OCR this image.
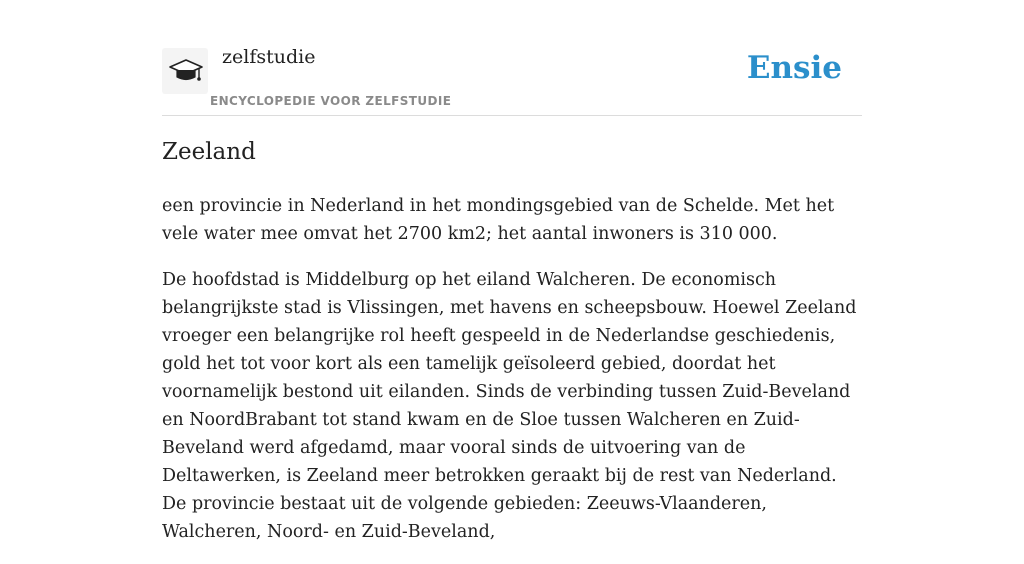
zelfstudie
ENCYCLOPEDIE VOOR ZELFSTUDIE
Ensie
Zeeland

een provincie in Nederland in het mondingsgebied van de Schelde. Met het vele water mee omvat het 2700 km2; het aantal inwoners is 310 000.

De hoofdstad is Middelburg op het eiland Walcheren. De economisch belangrijkste stad is Vlissingen, met havens en scheepsbouw. Hoewel Zeeland vroeger een belangrijke rol heeft gespeeld in de Nederlandse geschiedenis, gold het tot voor kort als een tamelijk geïsoleerd gebied, doordat het voornamelijk bestond uit eilanden. Sinds de verbinding tussen Zuid-Beveland en NoordBrabant tot stand kwam en de Sloe tussen Walcheren en Zuid-Beveland werd afgedamd, maar vooral sinds de uitvoering van de Deltawerken, is Zeeland meer betrokken geraakt bij de rest van Nederland. De provincie bestaat uit de volgende gebieden: Zeeuws-Vlaanderen, Walcheren, Noord- en Zuid-Beveland,
